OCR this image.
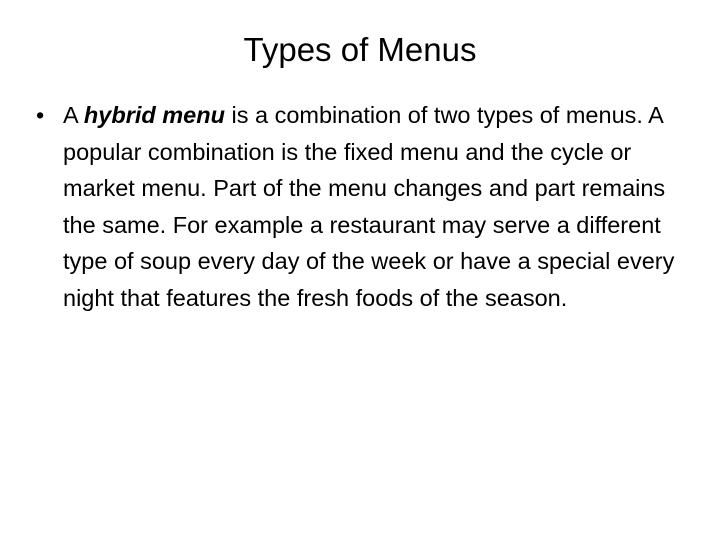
Types of Menus
• A hybrid menu is a combination of two types of menus. A popular combination is the fixed menu and the cycle or market menu. Part of the menu changes and part remains the same. For example a restaurant may serve a different type of soup every day of the week or have a special every night that features the fresh foods of the season.
